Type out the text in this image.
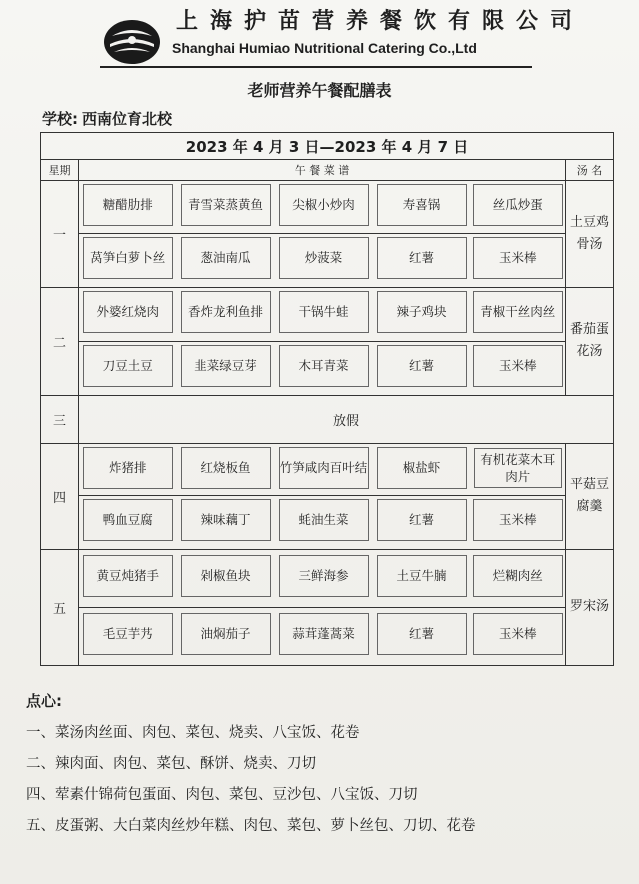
上海护苗营养餐饮有限公司
Shanghai Humiao Nutritional Catering Co.,Ltd
老师营养午餐配膳表
学校: 西南位育北校
2023 年 4 月 3 日—2023 年 4 月 7 日						
星期	午 餐 菜 谱					汤 名
一	糖醋肋排	青雪菜蒸黄鱼	尖椒小炒肉	寿喜锅	丝瓜炒蛋	土豆鸡骨汤
	莴笋白萝卜丝	葱油南瓜	炒菠菜	红薯	玉米棒	
二	外婆红烧肉	香炸龙利鱼排	干锅牛蛙	辣子鸡块	青椒干丝肉丝	番茄蛋花汤
	刀豆土豆	韭菜绿豆芽	木耳青菜	红薯	玉米棒	
三	放假					
四	炸猪排	红烧板鱼	竹笋咸肉百叶结	椒盐虾	有机花菜木耳肉片	平菇豆腐羹
	鸭血豆腐	辣味藕丁	蚝油生菜	红薯	玉米棒	
五	黄豆炖猪手	剁椒鱼块	三鲜海参	土豆牛腩	烂糊肉丝	罗宋汤
	毛豆芋艿	油焖茄子	蒜茸蓬蒿菜	红薯	玉米棒	
点心:
一、菜汤肉丝面、肉包、菜包、烧卖、八宝饭、花卷
二、辣肉面、肉包、菜包、酥饼、烧卖、刀切
四、荤素什锦荷包蛋面、肉包、菜包、豆沙包、八宝饭、刀切
五、皮蛋粥、大白菜肉丝炒年糕、肉包、菜包、萝卜丝包、刀切、花卷
